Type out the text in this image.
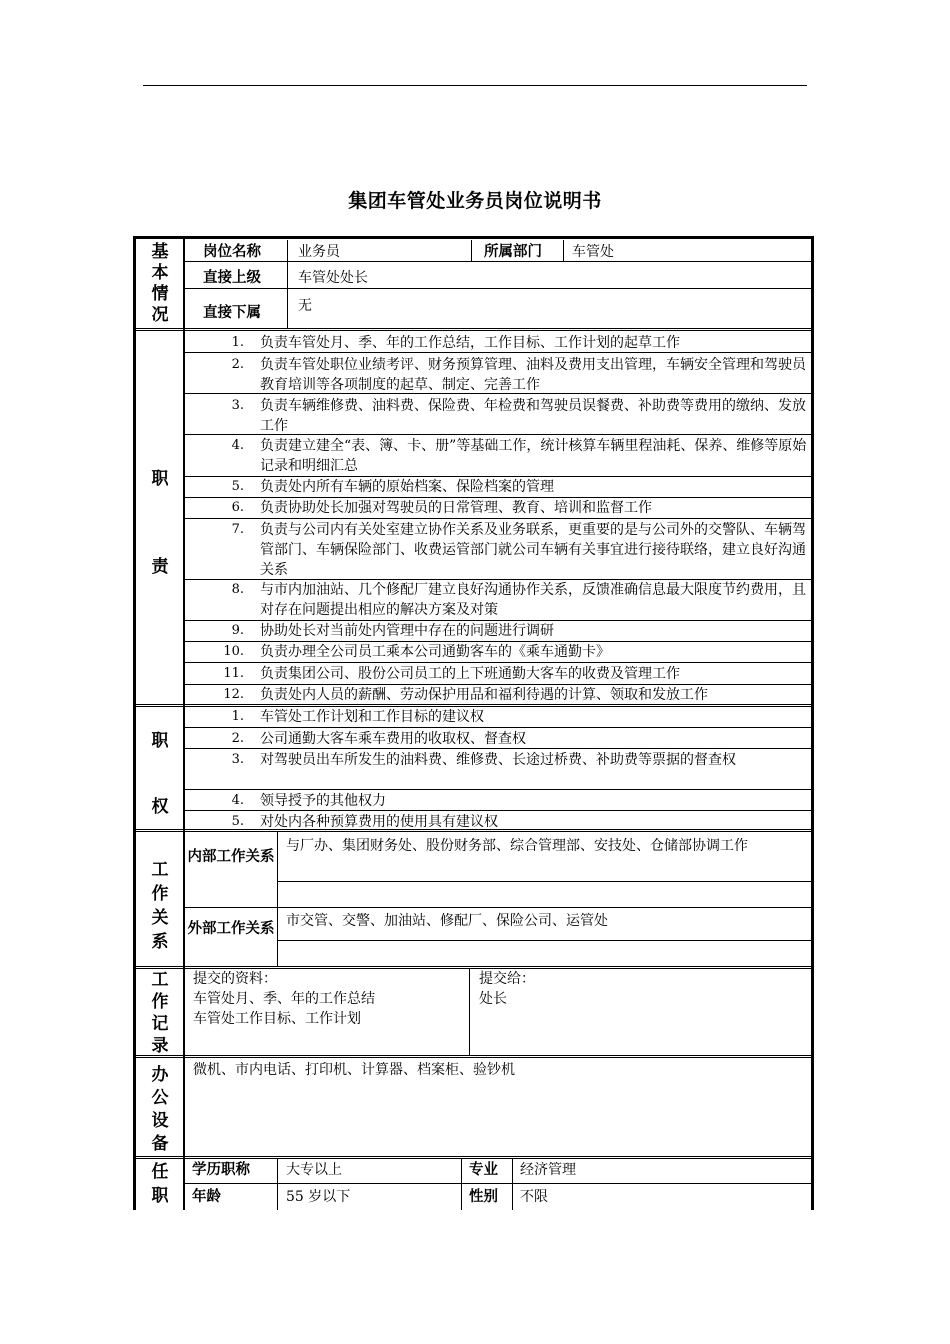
集团车管处业务员岗位说明书
基本情况
岗位名称	业务员	所属部门 车管处
直接上级	车管处处长
直接下属	无
职
责
1. 负责车管处月、季、年的工作总结，工作目标、工作计划的起草工作
2. 负责车管处职位业绩考评、财务预算管理、油料及费用支出管理，车辆安全管理和驾驶员教育培训等各项制度的起草、制定、完善工作
3. 负责车辆维修费、油料费、保险费、年检费和驾驶员误餐费、补助费等费用的缴纳、发放工作
4. 负责建立建全“表、簿、卡、册”等基础工作，统计核算车辆里程油耗、保养、维修等原始记录和明细汇总
5. 负责处内所有车辆的原始档案、保险档案的管理
6. 负责协助处长加强对驾驶员的日常管理、教育、培训和监督工作
7. 负责与公司内有关处室建立协作关系及业务联系，更重要的是与公司外的交警队、车辆驾管部门、车辆保险部门、收费运管部门就公司车辆有关事宜进行接待联络，建立良好沟通关系
8. 与市内加油站、几个修配厂建立良好沟通协作关系，反馈准确信息最大限度节约费用，且对存在问题提出相应的解决方案及对策
9. 协助处长对当前处内管理中存在的问题进行调研
10. 负责办理全公司员工乘本公司通勤客车的《乘车通勤卡》
11. 负责集团公司、股份公司员工的上下班通勤大客车的收费及管理工作
12. 负责处内人员的薪酬、劳动保护用品和福利待遇的计算、领取和发放工作
职
权
1. 车管处工作计划和工作目标的建议权
2. 公司通勤大客车乘车费用的收取权、督查权
3. 对驾驶员出车所发生的油料费、维修费、长途过桥费、补助费等票据的督查权
4. 领导授予的其他权力
5. 对处内各种预算费用的使用具有建议权
工作关系
内部工作关系
与厂办、集团财务处、股份财务部、综合管理部、安技处、仓储部协调工作
外部工作关系 市交管、交警、加油站、修配厂、保险公司、运管处
工作记录
提交的资料：
车管处月、季、年的工作总结
车管处工作目标、工作计划
提交给：
处长
办公设备
微机、市内电话、打印机、计算器、档案柜、验钞机
任职
学历职称	大专以上	专业 经济管理
年龄	55 岁以下	性别 不限
